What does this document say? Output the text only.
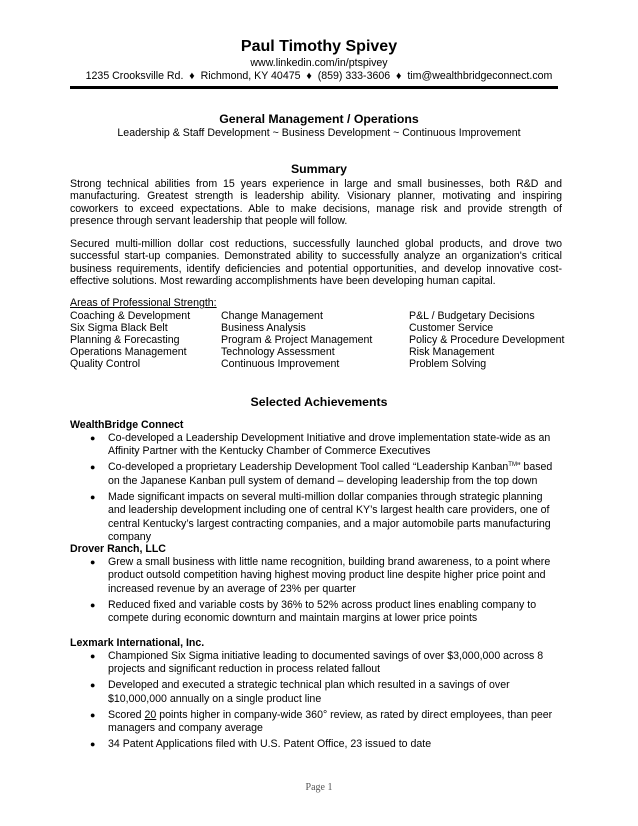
Paul Timothy Spivey
www.linkedin.com/in/ptspivey
1235 Crooksville Rd. ♦ Richmond, KY 40475 ♦ (859) 333-3606 ♦ tim@wealthbridgeconnect.com
General Management / Operations
Leadership & Staff Development ~ Business Development ~ Continuous Improvement
Summary
Strong technical abilities from 15 years experience in large and small businesses, both R&D and manufacturing. Greatest strength is leadership ability. Visionary planner, motivating and inspiring coworkers to exceed expectations. Able to make decisions, manage risk and provide strength of presence through servant leadership that people will follow.
Secured multi-million dollar cost reductions, successfully launched global products, and drove two successful start-up companies. Demonstrated ability to successfully analyze an organization's critical business requirements, identify deficiencies and potential opportunities, and develop innovative cost-effective solutions. Most rewarding accomplishments have been developing human capital.
Areas of Professional Strength:
Coaching & Development
Six Sigma Black Belt
Planning & Forecasting
Operations Management
Quality Control
Change Management
Business Analysis
Program & Project Management
Technology Assessment
Continuous Improvement
P&L / Budgetary Decisions
Customer Service
Policy & Procedure Development
Risk Management
Problem Solving
Selected Achievements
WealthBridge Connect
● Co-developed a Leadership Development Initiative and drove implementation state-wide as an Affinity Partner with the Kentucky Chamber of Commerce Executives
● Co-developed a proprietary Leadership Development Tool called “Leadership Kanban™” based on the Japanese Kanban pull system of demand – developing leadership from the top down
● Made significant impacts on several multi-million dollar companies through strategic planning and leadership development including one of central KY’s largest health care providers, one of central Kentucky’s largest contracting companies, and a major automobile parts manufacturing company
Drover Ranch, LLC
● Grew a small business with little name recognition, building brand awareness, to a point where product outsold competition having highest moving product line despite higher price point and increased revenue by an average of 23% per quarter
● Reduced fixed and variable costs by 36% to 52% across product lines enabling company to compete during economic downturn and maintain margins at lower price points
Lexmark International, Inc.
● Championed Six Sigma initiative leading to documented savings of over $3,000,000 across 8 projects and significant reduction in process related fallout
● Developed and executed a strategic technical plan which resulted in a savings of over $10,000,000 annually on a single product line
● Scored 20 points higher in company-wide 360° review, as rated by direct employees, than peer managers and company average
● 34 Patent Applications filed with U.S. Patent Office, 23 issued to date
Page 1
